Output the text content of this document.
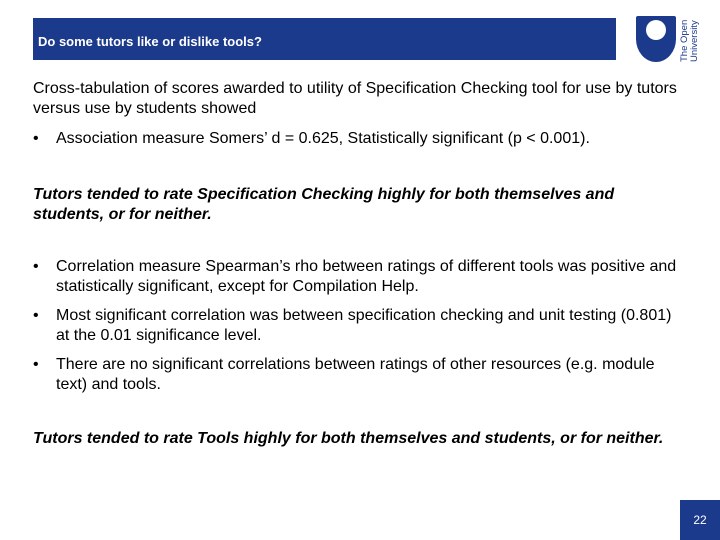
Do some tutors like or dislike tools?	The Open University

Cross-tabulation of scores awarded to utility of Specification Checking tool for use by tutors versus use by students showed

• Association measure Somers’ d = 0.625, Statistically significant (p < 0.001).

Tutors tended to rate Specification Checking highly for both themselves and students, or for neither.

• Correlation measure Spearman’s rho between ratings of different tools was positive and statistically significant, except for Compilation Help.
• Most significant correlation was between specification checking and unit testing (0.801) at the 0.01 significance level.
• There are no significant correlations between ratings of other resources (e.g. module text) and tools.

Tutors tended to rate Tools highly for both themselves and students, or for neither.

22
